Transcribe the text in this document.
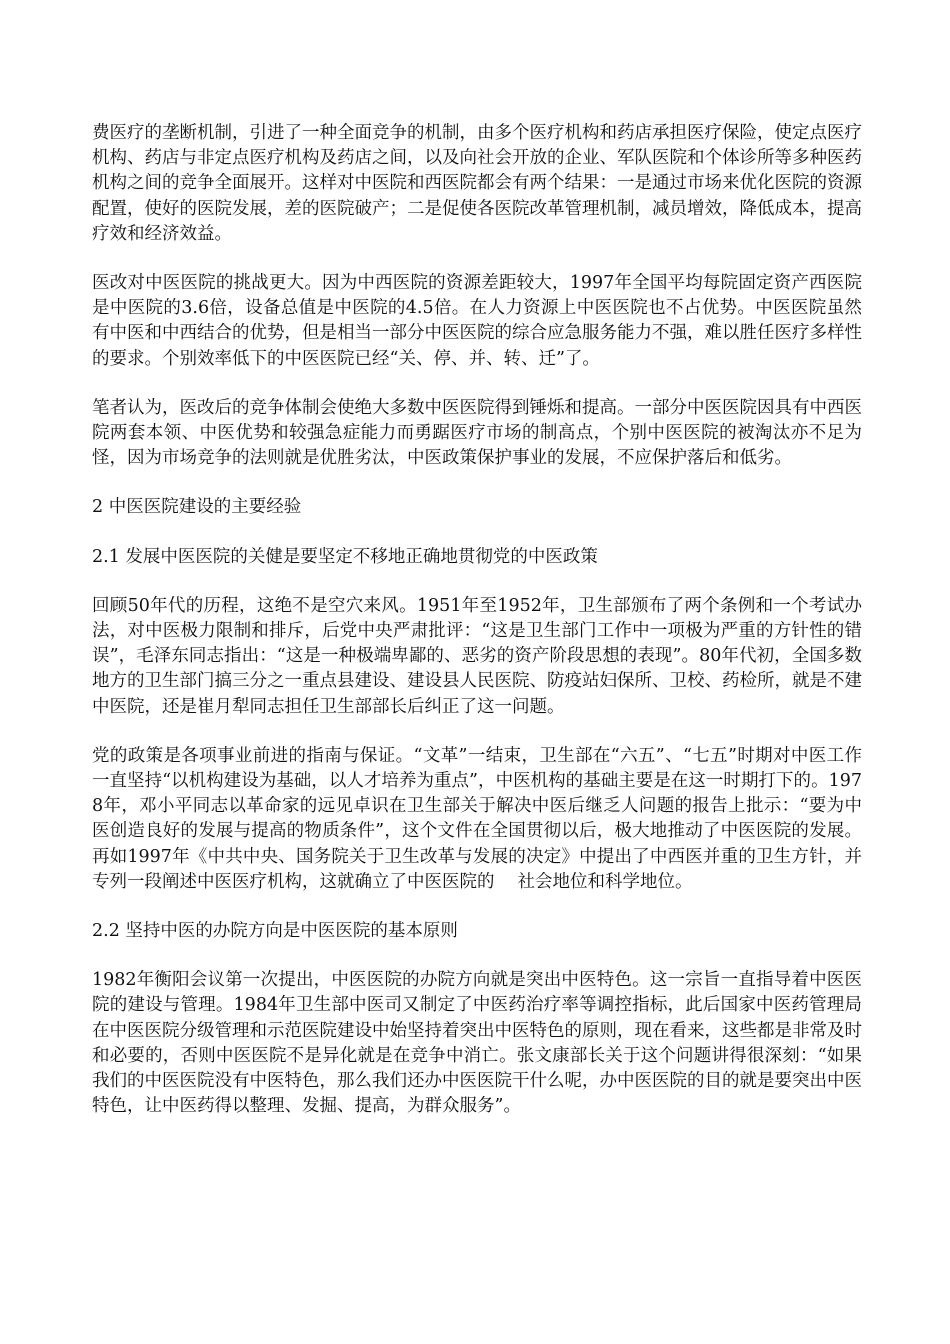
费医疗的垄断机制，引进了一种全面竞争的机制，由多个医疗机构和药店承担医疗保险，使定点医疗机构、药店与非定点医疗机构及药店之间，以及向社会开放的企业、军队医院和个体诊所等多种医药机构之间的竞争全面展开。这样对中医院和西医院都会有两个结果：一是通过市场来优化医院的资源配置，使好的医院发展，差的医院破产；二是促使各医院改革管理机制，减员增效，降低成本，提高疗效和经济效益。

医改对中医医院的挑战更大。因为中西医院的资源差距较大，1997年全国平均每院固定资产西医院是中医院的3.6倍，设备总值是中医院的4.5倍。在人力资源上中医医院也不占优势。中医医院虽然有中医和中西结合的优势，但是相当一部分中医医院的综合应急服务能力不强，难以胜任医疗多样性的要求。个别效率低下的中医医院已经“关、停、并、转、迁”了。

笔者认为，医改后的竞争体制会使绝大多数中医医院得到锤烁和提高。一部分中医医院因具有中西医院两套本领、中医优势和较强急症能力而勇踞医疗市场的制高点，个别中医医院的被淘汰亦不足为怪，因为市场竞争的法则就是优胜劣汰，中医政策保护事业的发展，不应保护落后和低劣。

2 中医医院建设的主要经验

2.1 发展中医医院的关健是要坚定不移地正确地贯彻党的中医政策

回顾50年代的历程，这绝不是空穴来风。1951年至1952年，卫生部颁布了两个条例和一个考试办法，对中医极力限制和排斥，后党中央严肃批评：“这是卫生部门工作中一项极为严重的方针性的错误”，毛泽东同志指出：“这是一种极端卑鄙的、恶劣的资产阶段思想的表现”。80年代初，全国多数地方的卫生部门搞三分之一重点县建设、建设县人民医院、防疫站妇保所、卫校、药检所，就是不建中医院，还是崔月犁同志担任卫生部部长后纠正了这一问题。

党的政策是各项事业前进的指南与保证。“文革”一结束，卫生部在“六五”、“七五”时期对中医工作一直坚持“以机构建设为基础，以人才培养为重点”，中医机构的基础主要是在这一时期打下的。1978年，邓小平同志以革命家的远见卓识在卫生部关于解决中医后继乏人问题的报告上批示：“要为中医创造良好的发展与提高的物质条件”，这个文件在全国贯彻以后，极大地推动了中医医院的发展。再如1997年《中共中央、国务院关于卫生改革与发展的决定》中提出了中西医并重的卫生方针，并专列一段阐述中医医疗机构，这就确立了中医医院的　 社会地位和科学地位。

2.2 坚持中医的办院方向是中医医院的基本原则

1982年衡阳会议第一次提出，中医医院的办院方向就是突出中医特色。这一宗旨一直指导着中医医院的建设与管理。1984年卫生部中医司又制定了中医药治疗率等调控指标，此后国家中医药管理局在中医医院分级管理和示范医院建设中始坚持着突出中医特色的原则，现在看来，这些都是非常及时和必要的，否则中医医院不是异化就是在竞争中消亡。张文康部长关于这个问题讲得很深刻：“如果我们的中医医院没有中医特色，那么我们还办中医医院干什么呢，办中医医院的目的就是要突出中医特色，让中医药得以整理、发掘、提高，为群众服务”。
